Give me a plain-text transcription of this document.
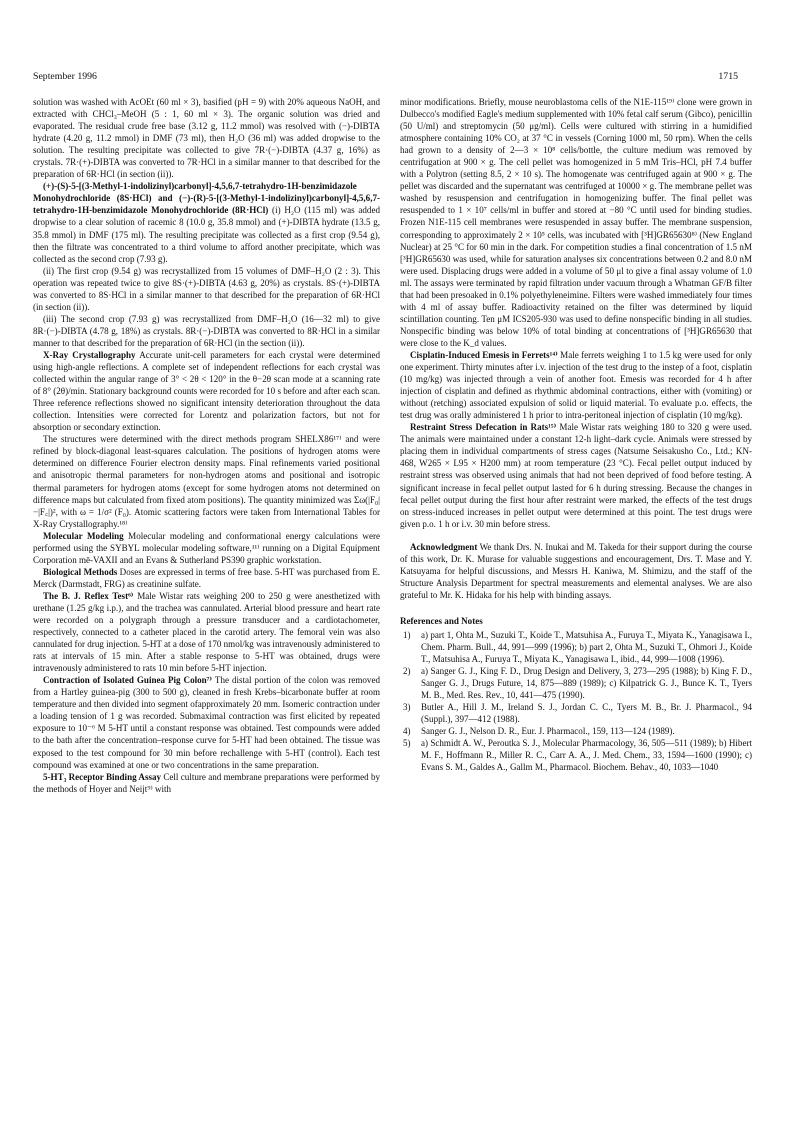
September 1996	1715

solution was washed with AcOEt (60 ml × 3), basified (pH = 9) with 20% aqueous NaOH, and extracted with CHCl₃–MeOH (5 : 1, 60 ml × 3). The organic solution was dried and evaporated. The residual crude free base (3.12 g, 11.2 mmol) was resolved with (−)-DIBTA hydrate (4.20 g, 11.2 mmol) in DMF (73 ml), then H₂O (36 ml) was added dropwise to the solution. The resulting precipitate was collected to give 7R·(−)-DIBTA (4.37 g, 16%) as crystals. 7R·(+)-DIBTA was converted to 7R·HCl in a similar manner to that described for the preparation of 6R·HCl (in section (ii)).

(+)-(S)-5-[(3-Methyl-1-indolizinyl)carbonyl]-4,5,6,7-tetrahydro-1H-benzimidazole Monohydrochloride (8S·HCl) and (−)-(R)-5-[(3-Methyl-1-indolizinyl)carbonyl]-4,5,6,7-tetrahydro-1H-benzimidazole Monohydrochloride (8R·HCl) (i) H₂O (115 ml) was added dropwise to a clear solution of racemic 8 (10.0 g, 35.8 mmol) and (+)-DIBTA hydrate (13.5 g, 35.8 mmol) in DMF (175 ml). The resulting precipitate was collected as a first crop (9.54 g), then the filtrate was concentrated to a third volume to afford another precipitate, which was collected as the second crop (7.93 g).

(ii) The first crop (9.54 g) was recrystallized from 15 volumes of DMF–H₂O (2 : 3). This operation was repeated twice to give 8S·(+)-DIBTA (4.63 g, 20%) as crystals. 8S·(+)-DIBTA was converted to 8S·HCl in a similar manner to that described for the preparation of 6R·HCl (in section (ii)).

(iii) The second crop (7.93 g) was recrystallized from DMF–H₂O (16—32 ml) to give 8R·(−)-DIBTA (4.78 g, 18%) as crystals. 8R·(−)-DIBTA was converted to 8R·HCl in a similar manner to that described for the preparation of 6R·HCl (in the section (ii)).

X-Ray Crystallography Accurate unit-cell parameters for each crystal were determined using high-angle reflections. A complete set of independent reflections for each crystal was collected within the angular range of 3° < 2θ < 120° in the θ−2θ scan mode at a scanning rate of 8° (2θ)/min. Stationary background counts were recorded for 10 s before and after each scan. Three reference reflections showed no significant intensity deterioration throughout the data collection. Intensities were corrected for Lorentz and polarization factors, but not for absorption or secondary extinction.

The structures were determined with the direct methods program SHELX86¹⁷⁾ and were refined by block-diagonal least-squares calculation. The positions of hydrogen atoms were determined on difference Fourier electron density maps. Final refinements varied positional and anisotropic thermal parameters for non-hydrogen atoms and positional and isotropic thermal parameters for hydrogen atoms (except for some hydrogen atoms not determined on difference maps but calculated from fixed atom positions). The quantity minimized was Σω(|F₀|−|F꜀|)², with ω = 1/σ² (F₀). Atomic scattering factors were taken from International Tables for X-Ray Crystallography.¹⁸⁾

Molecular Modeling Molecular modeling and conformational energy calculations were performed using the SYBYL molecular modeling software,¹¹⁾ running on a Digital Equipment Corporation mē-VAXII and an Evans & Sutherland PS390 graphic workstation.

Biological Methods Doses are expressed in terms of free base. 5-HT was purchased from E. Merck (Darmstadt, FRG) as creatinine sulfate.

The B. J. Reflex Test⁶⁾ Male Wistar rats weighing 200 to 250 g were anesthetized with urethane (1.25 g/kg i.p.), and the trachea was cannulated. Arterial blood pressure and heart rate were recorded on a polygraph through a pressure transducer and a cardiotachometer, respectively, connected to a catheter placed in the carotid artery. The femoral vein was also cannulated for drug injection. 5-HT at a dose of 170 nmol/kg was intravenously administered to rats at intervals of 15 min. After a stable response to 5-HT was obtained, drugs were intravenously administered to rats 10 min before 5-HT injection.

Contraction of Isolated Guinea Pig Colon⁷⁾ The distal portion of the colon was removed from a Hartley guinea-pig (300 to 500 g), cleaned in fresh Krebs–bicarbonate buffer at room temperature and then divided into segment ofapproximately 20 mm. Isomeric contraction under a loading tension of 1 g was recorded. Submaximal contraction was first elicited by repeated exposure to 10⁻⁶ M 5-HT until a constant response was obtained. Test compounds were added to the bath after the concentration–response curve for 5-HT had been obtained. The tissue was exposed to the test compound for 30 min before rechallenge with 5-HT (control). Each test compound was examined at one or two concentrations in the same preparation.

5-HT₃ Receptor Binding Assay Cell culture and membrane preparations were performed by the methods of Hoyer and Neijt⁹⁾ with

minor modifications. Briefly, mouse neuroblastoma cells of the N1E-115¹⁹⁾ clone were grown in Dulbecco's modified Eagle's medium supplemented with 10% fetal calf serum (Gibco), penicillin (50 U/ml) and streptomycin (50 μg/ml). Cells were cultured with stirring in a humidified atmosphere containing 10% CO₂ at 37 °C in vessels (Corning 1000 ml, 50 rpm). When the cells had grown to a density of 2—3 × 10⁸ cells/bottle, the culture medium was removed by centrifugation at 900 × g. The cell pellet was homogenized in 5 mM Tris–HCl, pH 7.4 buffer with a Polytron (setting 8.5, 2 × 10 s). The homogenate was centrifuged again at 900 × g. The pellet was discarded and the supernatant was centrifuged at 10000 × g. The membrane pellet was washed by resuspension and centrifugation in homogenizing buffer. The final pellet was resuspended to 1 × 10⁷ cells/ml in buffer and stored at −80 °C until used for binding studies. Frozen N1E-115 cell membranes were resuspended in assay buffer. The membrane suspension, corresponding to approximately 2 × 10⁵ cells, was incubated with [³H]GR65630⁸⁾ (New England Nuclear) at 25 °C for 60 min in the dark. For competition studies a final concentration of 1.5 nM [³H]GR65630 was used, while for saturation analyses six concentrations between 0.2 and 8.0 nM were used. Displacing drugs were added in a volume of 50 μl to give a final assay volume of 1.0 ml. The assays were terminated by rapid filtration under vacuum through a Whatman GF/B filter that had been presoaked in 0.1% polyethyleneimine. Filters were washed immediately four times with 4 ml of assay buffer. Radioactivity retained on the filter was determined by liquid scintillation counting. Ten μM ICS205-930 was used to define nonspecific binding in all studies. Nonspecific binding was below 10% of total binding at concentrations of [³H]GR65630 that were close to the K_d values.

Cisplatin-Induced Emesis in Ferrets¹⁴⁾ Male ferrets weighing 1 to 1.5 kg were used for only one experiment. Thirty minutes after i.v. injection of the test drug to the instep of a foot, cisplatin (10 mg/kg) was injected through a vein of another foot. Emesis was recorded for 4 h after injection of cisplatin and defined as rhythmic abdominal contractions, either with (vomiting) or without (retching) associated expulsion of solid or liquid material. To evaluate p.o. effects, the test drug was orally administered 1 h prior to intra-peritoneal injection of cisplatin (10 mg/kg).

Restraint Stress Defecation in Rats¹⁵⁾ Male Wistar rats weighing 180 to 320 g were used. The animals were maintained under a constant 12-h light–dark cycle. Animals were stressed by placing them in individual compartments of stress cages (Natsume Seisakusho Co., Ltd.; KN-468, W265 × L95 × H200 mm) at room temperature (23 °C). Fecal pellet output induced by restraint stress was observed using animals that had not been deprived of food before testing. A significant increase in fecal pellet output lasted for 6 h during stressing. Because the changes in fecal pellet output during the first hour after restraint were marked, the effects of the test drugs on stress-induced increases in pellet output were determined at this point. The test drugs were given p.o. 1 h or i.v. 30 min before stress.

Acknowledgment We thank Drs. N. Inukai and M. Takeda for their support during the course of this work, Dr. K. Murase for valuable suggestions and encouragement, Drs. T. Mase and Y. Katsuyama for helpful discussions, and Messrs H. Kaniwa, M. Shimizu, and the staff of the Structure Analysis Department for spectral measurements and elemental analyses. We are also grateful to Mr. K. Hidaka for his help with binding assays.

References and Notes
1)	a) part 1, Ohta M., Suzuki T., Koide T., Matsuhisa A., Furuya T., Miyata K., Yanagisawa I., Chem. Pharm. Bull., 44, 991—999 (1996); b) part 2, Ohta M., Suzuki T., Ohmori J., Koide T., Matsuhisa A., Furuya T., Miyata K., Yanagisawa I., ibid., 44, 999—1008 (1996).
2)	a) Sanger G. J., King F. D., Drug Design and Delivery, 3, 273—295 (1988); b) King F. D., Sanger G. J., Drugs Future, 14, 875—889 (1989); c) Kilpatrick G. J., Bunce K. T., Tyers M. B., Med. Res. Rev., 10, 441—475 (1990).
3)	Butler A., Hill J. M., Ireland S. J., Jordan C. C., Tyers M. B., Br. J. Pharmacol., 94 (Suppl.), 397—412 (1988).
4)	Sanger G. J., Nelson D. R., Eur. J. Pharmacol., 159, 113—124 (1989).
5)	a) Schmidt A. W., Peroutka S. J., Molecular Pharmacology, 36, 505—511 (1989); b) Hibert M. F., Hoffmann R., Miller R. C., Carr A. A., J. Med. Chem., 33, 1594—1600 (1990); c) Evans S. M., Galdes A., Gallm M., Pharmacol. Biochem. Behav., 40, 1033—1040
